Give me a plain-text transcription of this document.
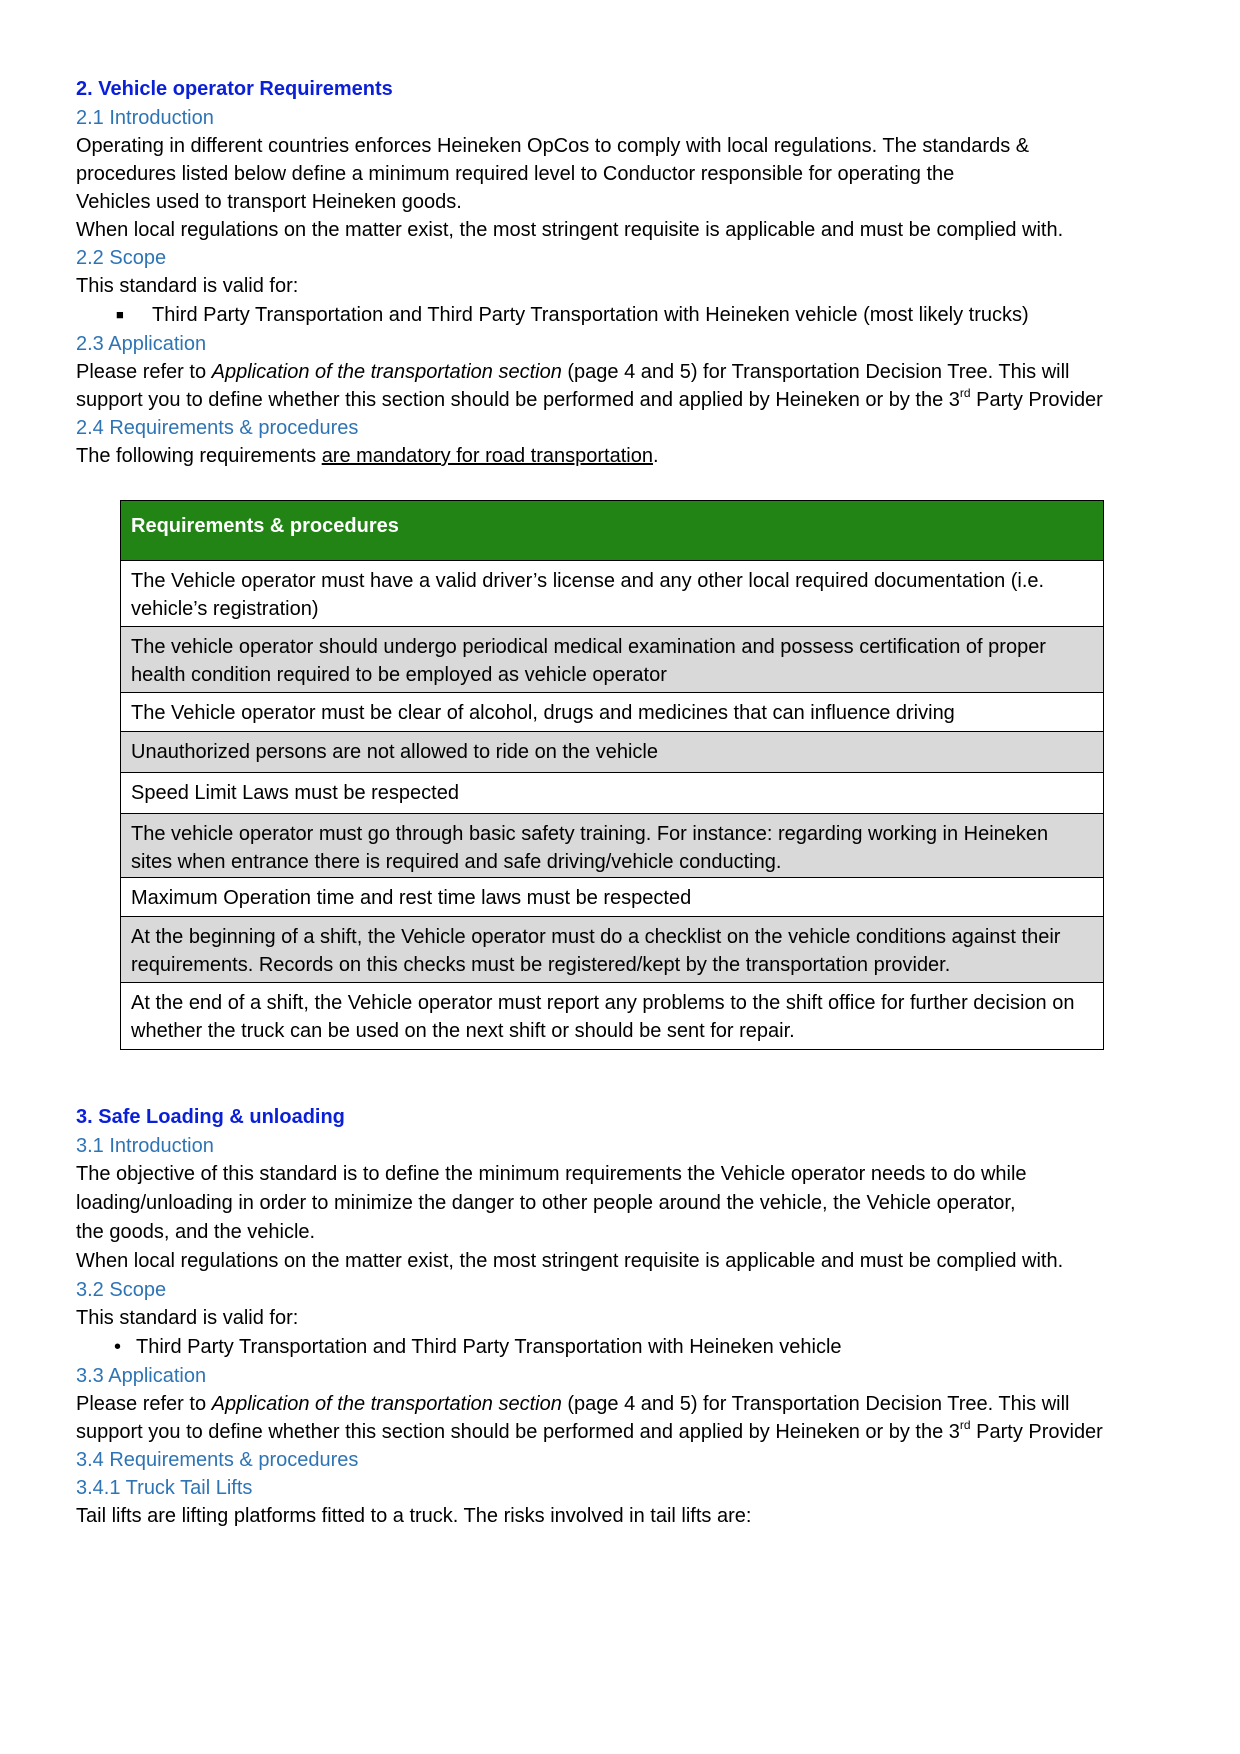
2. Vehicle operator Requirements
2.1 Introduction
Operating in different countries enforces Heineken OpCos to comply with local regulations. The standards &
procedures listed below define a minimum required level to Conductor responsible for operating the
Vehicles used to transport Heineken goods.
When local regulations on the matter exist, the most stringent requisite is applicable and must be complied with.
2.2 Scope
This standard is valid for:
■ Third Party Transportation and Third Party Transportation with Heineken vehicle (most likely trucks)
2.3 Application
Please refer to Application of the transportation section (page 4 and 5) for Transportation Decision Tree. This will
support you to define whether this section should be performed and applied by Heineken or by the 3rd Party Provider
2.4 Requirements & procedures
The following requirements are mandatory for road transportation.
Requirements & procedures
The Vehicle operator must have a valid driver’s license and any other local required documentation (i.e. vehicle’s registration)
The vehicle operator should undergo periodical medical examination and possess certification of proper health condition required to be employed as vehicle operator
The Vehicle operator must be clear of alcohol, drugs and medicines that can influence driving
Unauthorized persons are not allowed to ride on the vehicle
Speed Limit Laws must be respected
The vehicle operator must go through basic safety training. For instance: regarding working in Heineken sites when entrance there is required and safe driving/vehicle conducting.
Maximum Operation time and rest time laws must be respected
At the beginning of a shift, the Vehicle operator must do a checklist on the vehicle conditions against their requirements. Records on this checks must be registered/kept by the transportation provider.
At the end of a shift, the Vehicle operator must report any problems to the shift office for further decision on whether the truck can be used on the next shift or should be sent for repair.
3. Safe Loading & unloading
3.1 Introduction
The objective of this standard is to define the minimum requirements the Vehicle operator needs to do while
loading/unloading in order to minimize the danger to other people around the vehicle, the Vehicle operator,
the goods, and the vehicle.
When local regulations on the matter exist, the most stringent requisite is applicable and must be complied with.
3.2 Scope
This standard is valid for:
• Third Party Transportation and Third Party Transportation with Heineken vehicle
3.3 Application
Please refer to Application of the transportation section (page 4 and 5) for Transportation Decision Tree. This will
support you to define whether this section should be performed and applied by Heineken or by the 3rd Party Provider
3.4 Requirements & procedures
3.4.1 Truck Tail Lifts
Tail lifts are lifting platforms fitted to a truck. The risks involved in tail lifts are:
